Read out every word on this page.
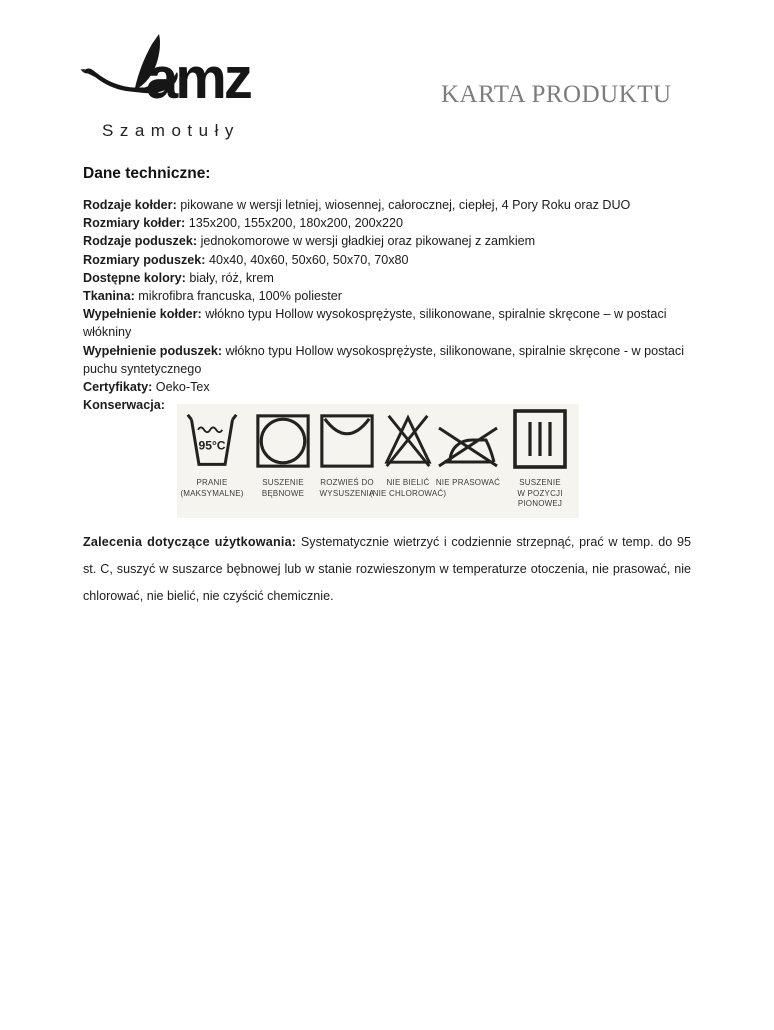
amz
Szamotuły
KARTA PRODUKTU
Dane techniczne:

Rodzaje kołder: pikowane w wersji letniej, wiosennej, całorocznej, ciepłej, 4 Pory Roku oraz DUO

Rozmiary kołder: 135x200, 155x200, 180x200, 200x220

Rodzaje poduszek: jednokomorowe w wersji gładkiej oraz pikowanej z zamkiem

Rozmiary poduszek: 40x40, 40x60, 50x60, 50x70, 70x80

Dostępne kolory: biały, róż, krem

Tkanina: mikrofibra francuska, 100% poliester

Wypełnienie kołder: włókno typu Hollow wysokosprężyste, silikonowane, spiralnie skręcone – w postaci włókniny

Wypełnienie poduszek: włókno typu Hollow wysokosprężyste, silikonowane, spiralnie skręcone - w postaci puchu syntetycznego

Certyfikaty: Oeko-Tex

Konserwacja:

95°C
PRANIE
(MAKSYMALNE)
SUSZENIE
BĘBNOWE
ROZWIEŚ DO
WYSUSZENIA
NIE BIELIĆ
(NIE CHLOROWAĆ)
NIE PRASOWAĆ SUSZENIE
W POZYCJI
PIONOWEJ

Zalecenia dotyczące użytkowania: Systematycznie wietrzyć i codziennie strzepnąć, prać w temp. do 95 st. C, suszyć w suszarce bębnowej lub w stanie rozwieszonym w temperaturze otoczenia, nie prasować, nie chlorować, nie bielić, nie czyścić chemicznie.
